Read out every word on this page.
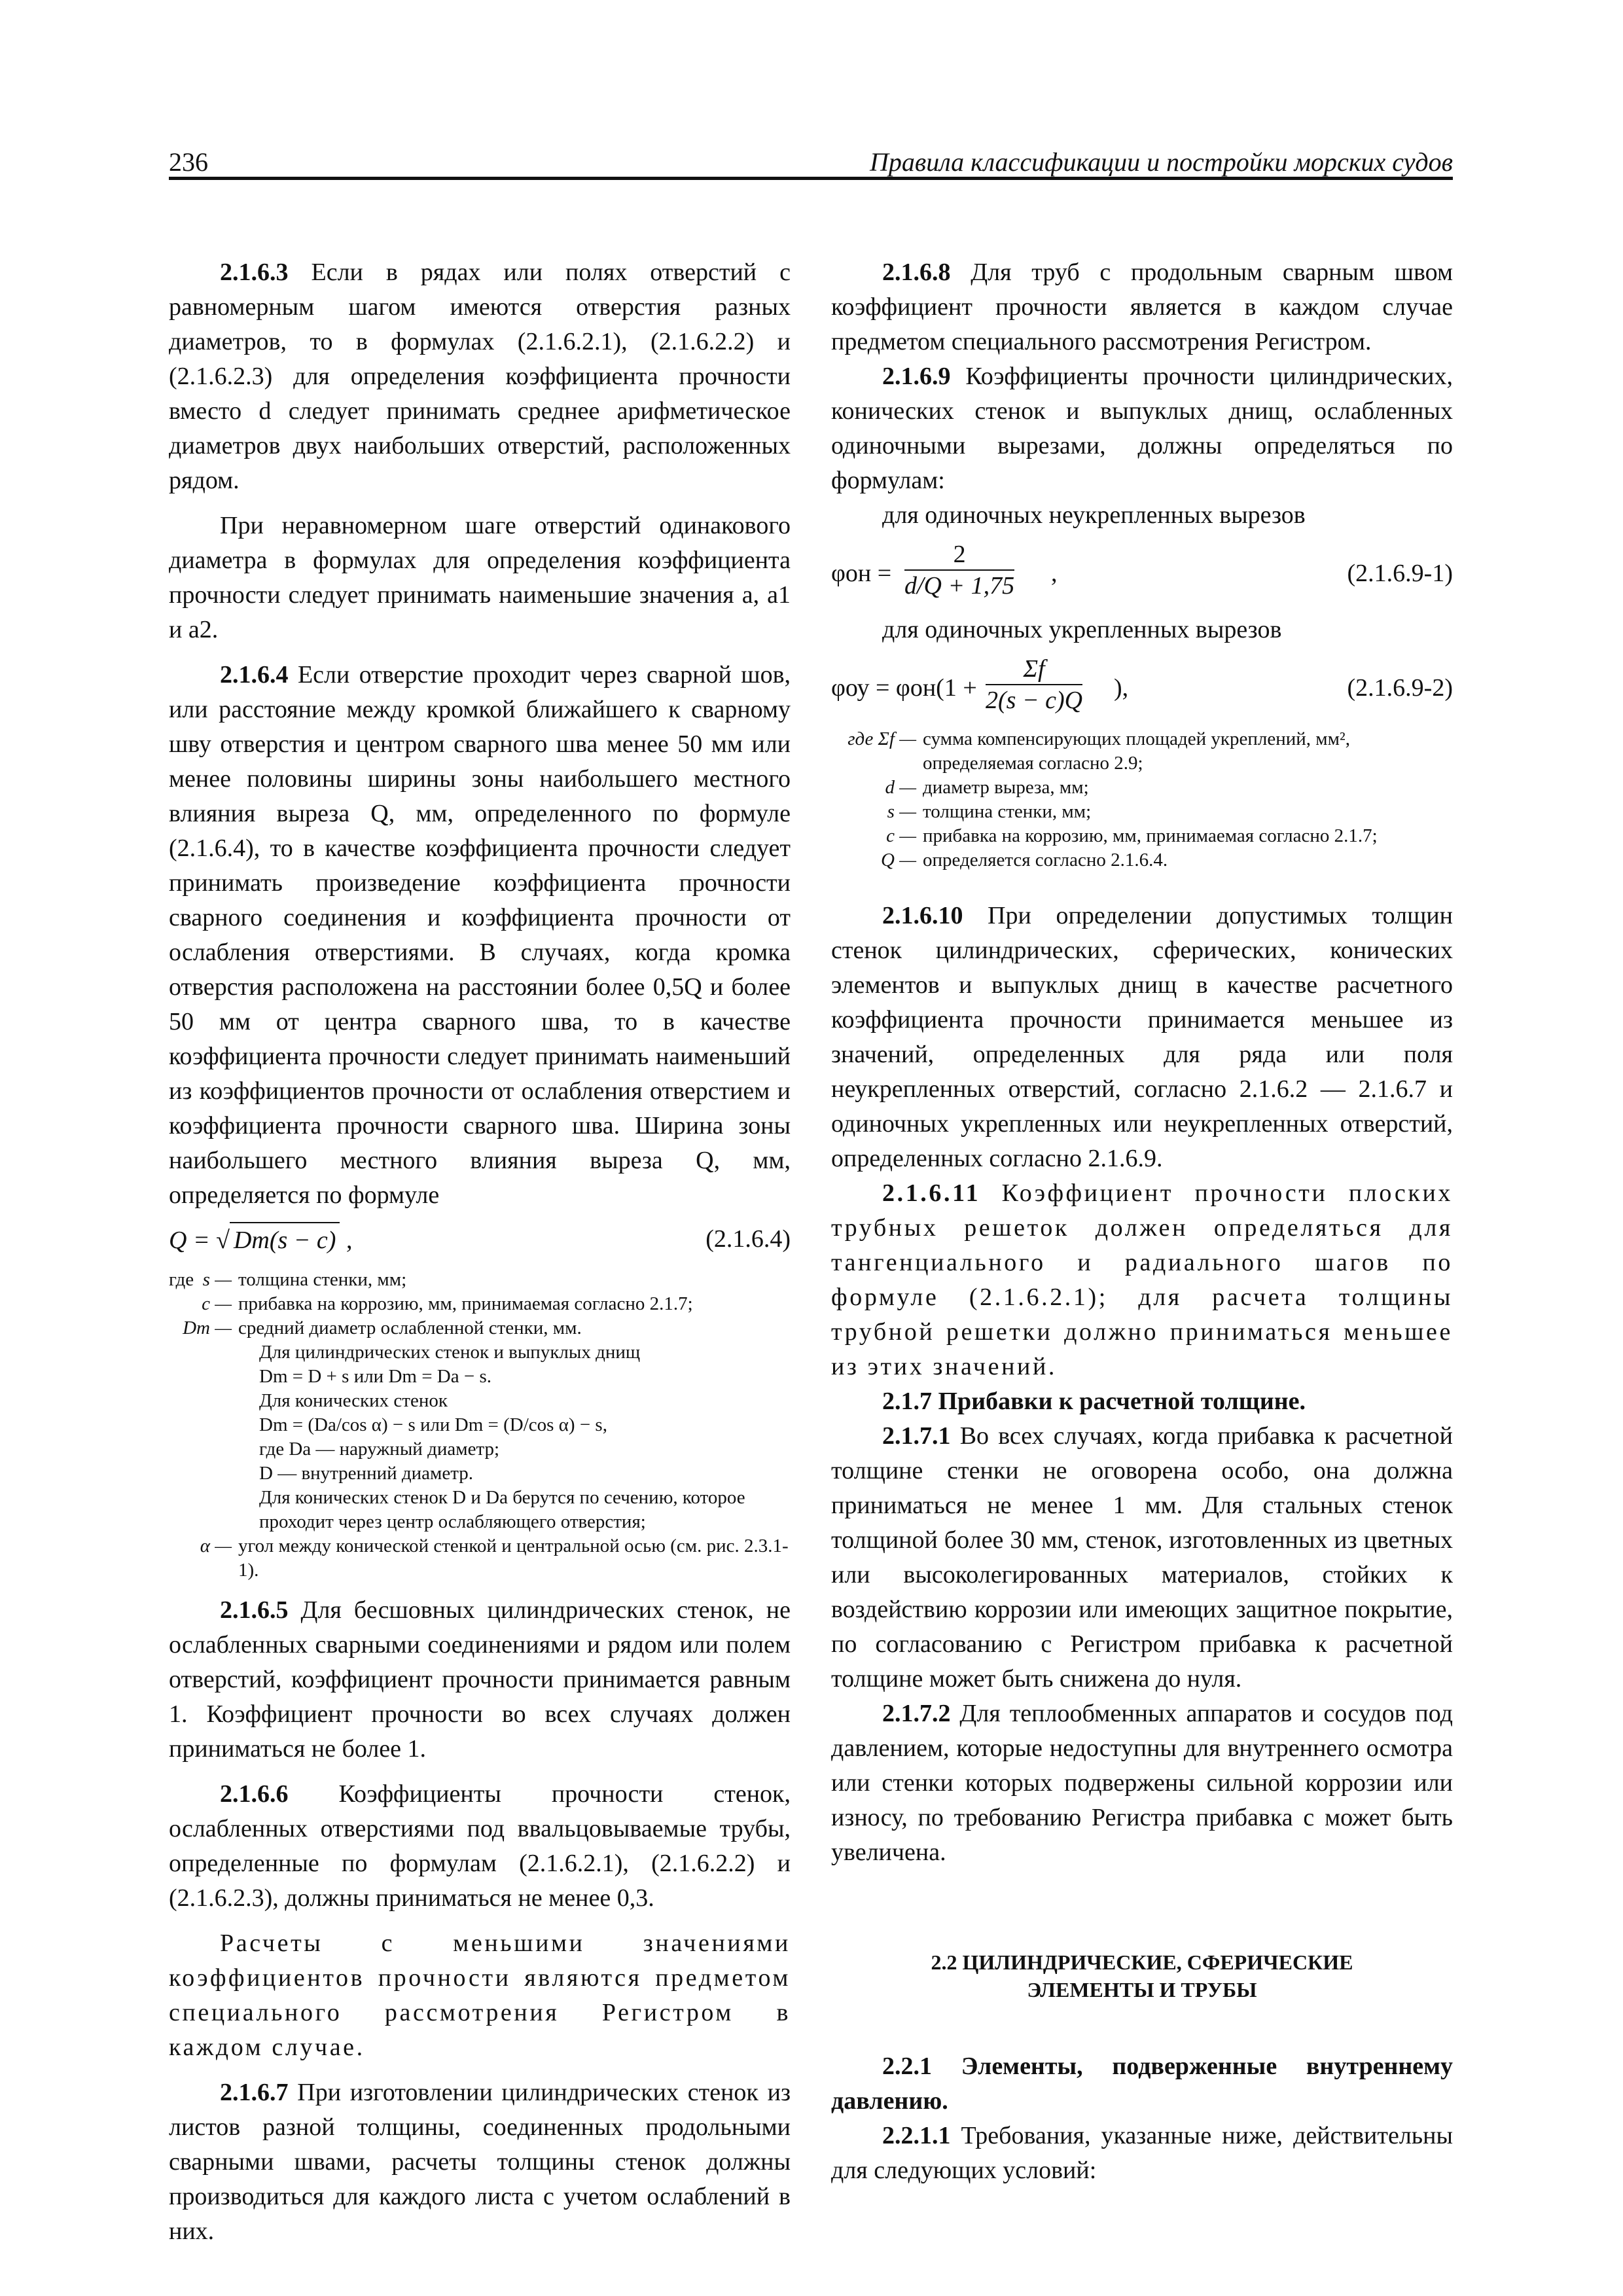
236	Правила классификации и постройки морских судов

2.1.6.3 Если в рядах или полях отверстий с равномерным шагом имеются отверстия разных диаметров, то в формулах (2.1.6.2.1), (2.1.6.2.2) и (2.1.6.2.3) для определения коэффициента прочности вместо d следует принимать среднее арифметическое диаметров двух наибольших отверстий, расположенных рядом.

При неравномерном шаге отверстий одинакового диаметра в формулах для определения коэффициента прочности следует принимать наименьшие значения a, a1 и a2.

2.1.6.4 Если отверстие проходит через сварной шов, или расстояние между кромкой ближайшего к сварному шву отверстия и центром сварного шва менее 50 мм или менее половины ширины зоны наибольшего местного влияния выреза Q, мм, определенного по формуле (2.1.6.4), то в качестве коэффициента прочности следует принимать произведение коэффициента прочности сварного соединения и коэффициента прочности от ослабления отверстиями. В случаях, когда кромка отверстия расположена на расстоянии более 0,5Q и более 50 мм от центра сварного шва, то в качестве коэффициента прочности следует принимать наименьший из коэффициентов прочности от ослабления отверстием и коэффициента прочности сварного шва. Ширина зоны наибольшего местного влияния выреза Q, мм, определяется по формуле

Q = √ Dm(s − c) ,	(2.1.6.4)
где s — толщина стенки, мм;
c — прибавка на коррозию, мм, принимаемая согласно 2.1.7;
Dm — средний диаметр ослабленной стенки, мм.
Для цилиндрических стенок и выпуклых днищ
Dm = D + s или Dm = Da − s.
Для конических стенок
Dm = (Da/cos α) − s или Dm = (D/cos α) − s,
где Da — наружный диаметр;
D — внутренний диаметр.
Для конических стенок D и Da берутся по сечению, которое проходит через центр ослабляющего отверстия;
α — угол между конической стенкой и центральной осью (см. рис. 2.3.1-1).

2.1.6.5 Для бесшовных цилиндрических стенок, не ослабленных сварными соединениями и рядом или полем отверстий, коэффициент прочности принимается равным 1. Коэффициент прочности во всех случаях должен приниматься не более 1.

2.1.6.6 Коэффициенты прочности стенок, ослабленных отверстиями под ввальцовываемые трубы, определенные по формулам (2.1.6.2.1), (2.1.6.2.2) и (2.1.6.2.3), должны приниматься не менее 0,3.

Расчеты с меньшими значениями коэффициентов прочности являются предметом специального рассмотрения Регистром в каждом случае.

2.1.6.7 При изготовлении цилиндрических стенок из листов разной толщины, соединенных продольными сварными швами, расчеты толщины стенок должны производиться для каждого листа с учетом ослаблений в них.

2.1.6.8 Для труб с продольным сварным швом коэффициент прочности является в каждом случае предметом специального рассмотрения Регистром.

2.1.6.9 Коэффициенты прочности цилиндрических, конических стенок и выпуклых днищ, ослабленных одиночными вырезами, должны определяться по формулам:

для одиночных неукрепленных вырезов

$\varphi он = \frac{2}{d/Q + 1,75}$ ,	(2.1.6.9-1)

для одиночных укрепленных вырезов

$\varphi оу = \varphi он(1 + \frac{\Sigma f}{2(s - c)Q}$ ),	(2.1.6.9-2)
где Σf — сумма компенсирующих площадей укреплений, мм², определяемая согласно 2.9;
d — диаметр выреза, мм;
s — толщина стенки, мм;
c — прибавка на коррозию, мм, принимаемая согласно 2.1.7;
Q — определяется согласно 2.1.6.4.

2.1.6.10 При определении допустимых толщин стенок цилиндрических, сферических, конических элементов и выпуклых днищ в качестве расчетного коэффициента прочности принимается меньшее из значений, определенных для ряда или поля неукрепленных отверстий, согласно 2.1.6.2 — 2.1.6.7 и одиночных укрепленных или неукрепленных отверстий, определенных согласно 2.1.6.9.

2.1.6.11 Коэффициент прочности плоских трубных решеток должен определяться для тангенциального и радиального шагов по формуле (2.1.6.2.1); для расчета толщины трубной решетки должно приниматься меньшее из этих значений.

2.1.7 Прибавки к расчетной толщине.

2.1.7.1 Во всех случаях, когда прибавка к расчетной толщине стенки не оговорена особо, она должна приниматься не менее 1 мм. Для стальных стенок толщиной более 30 мм, стенок, изготовленных из цветных или высоколегированных материалов, стойких к воздействию коррозии или имеющих защитное покрытие, по согласованию с Регистром прибавка к расчетной толщине может быть снижена до нуля.

2.1.7.2 Для теплообменных аппаратов и сосудов под давлением, которые недоступны для внутреннего осмотра или стенки которых подвержены сильной коррозии или износу, по требованию Регистра прибавка c может быть увеличена.

2.2 ЦИЛИНДРИЧЕСКИЕ, СФЕРИЧЕСКИЕ
ЭЛЕМЕНТЫ И ТРУБЫ

2.2.1 Элементы, подверженные внутреннему давлению.

2.2.1.1 Требования, указанные ниже, действительны для следующих условий:
